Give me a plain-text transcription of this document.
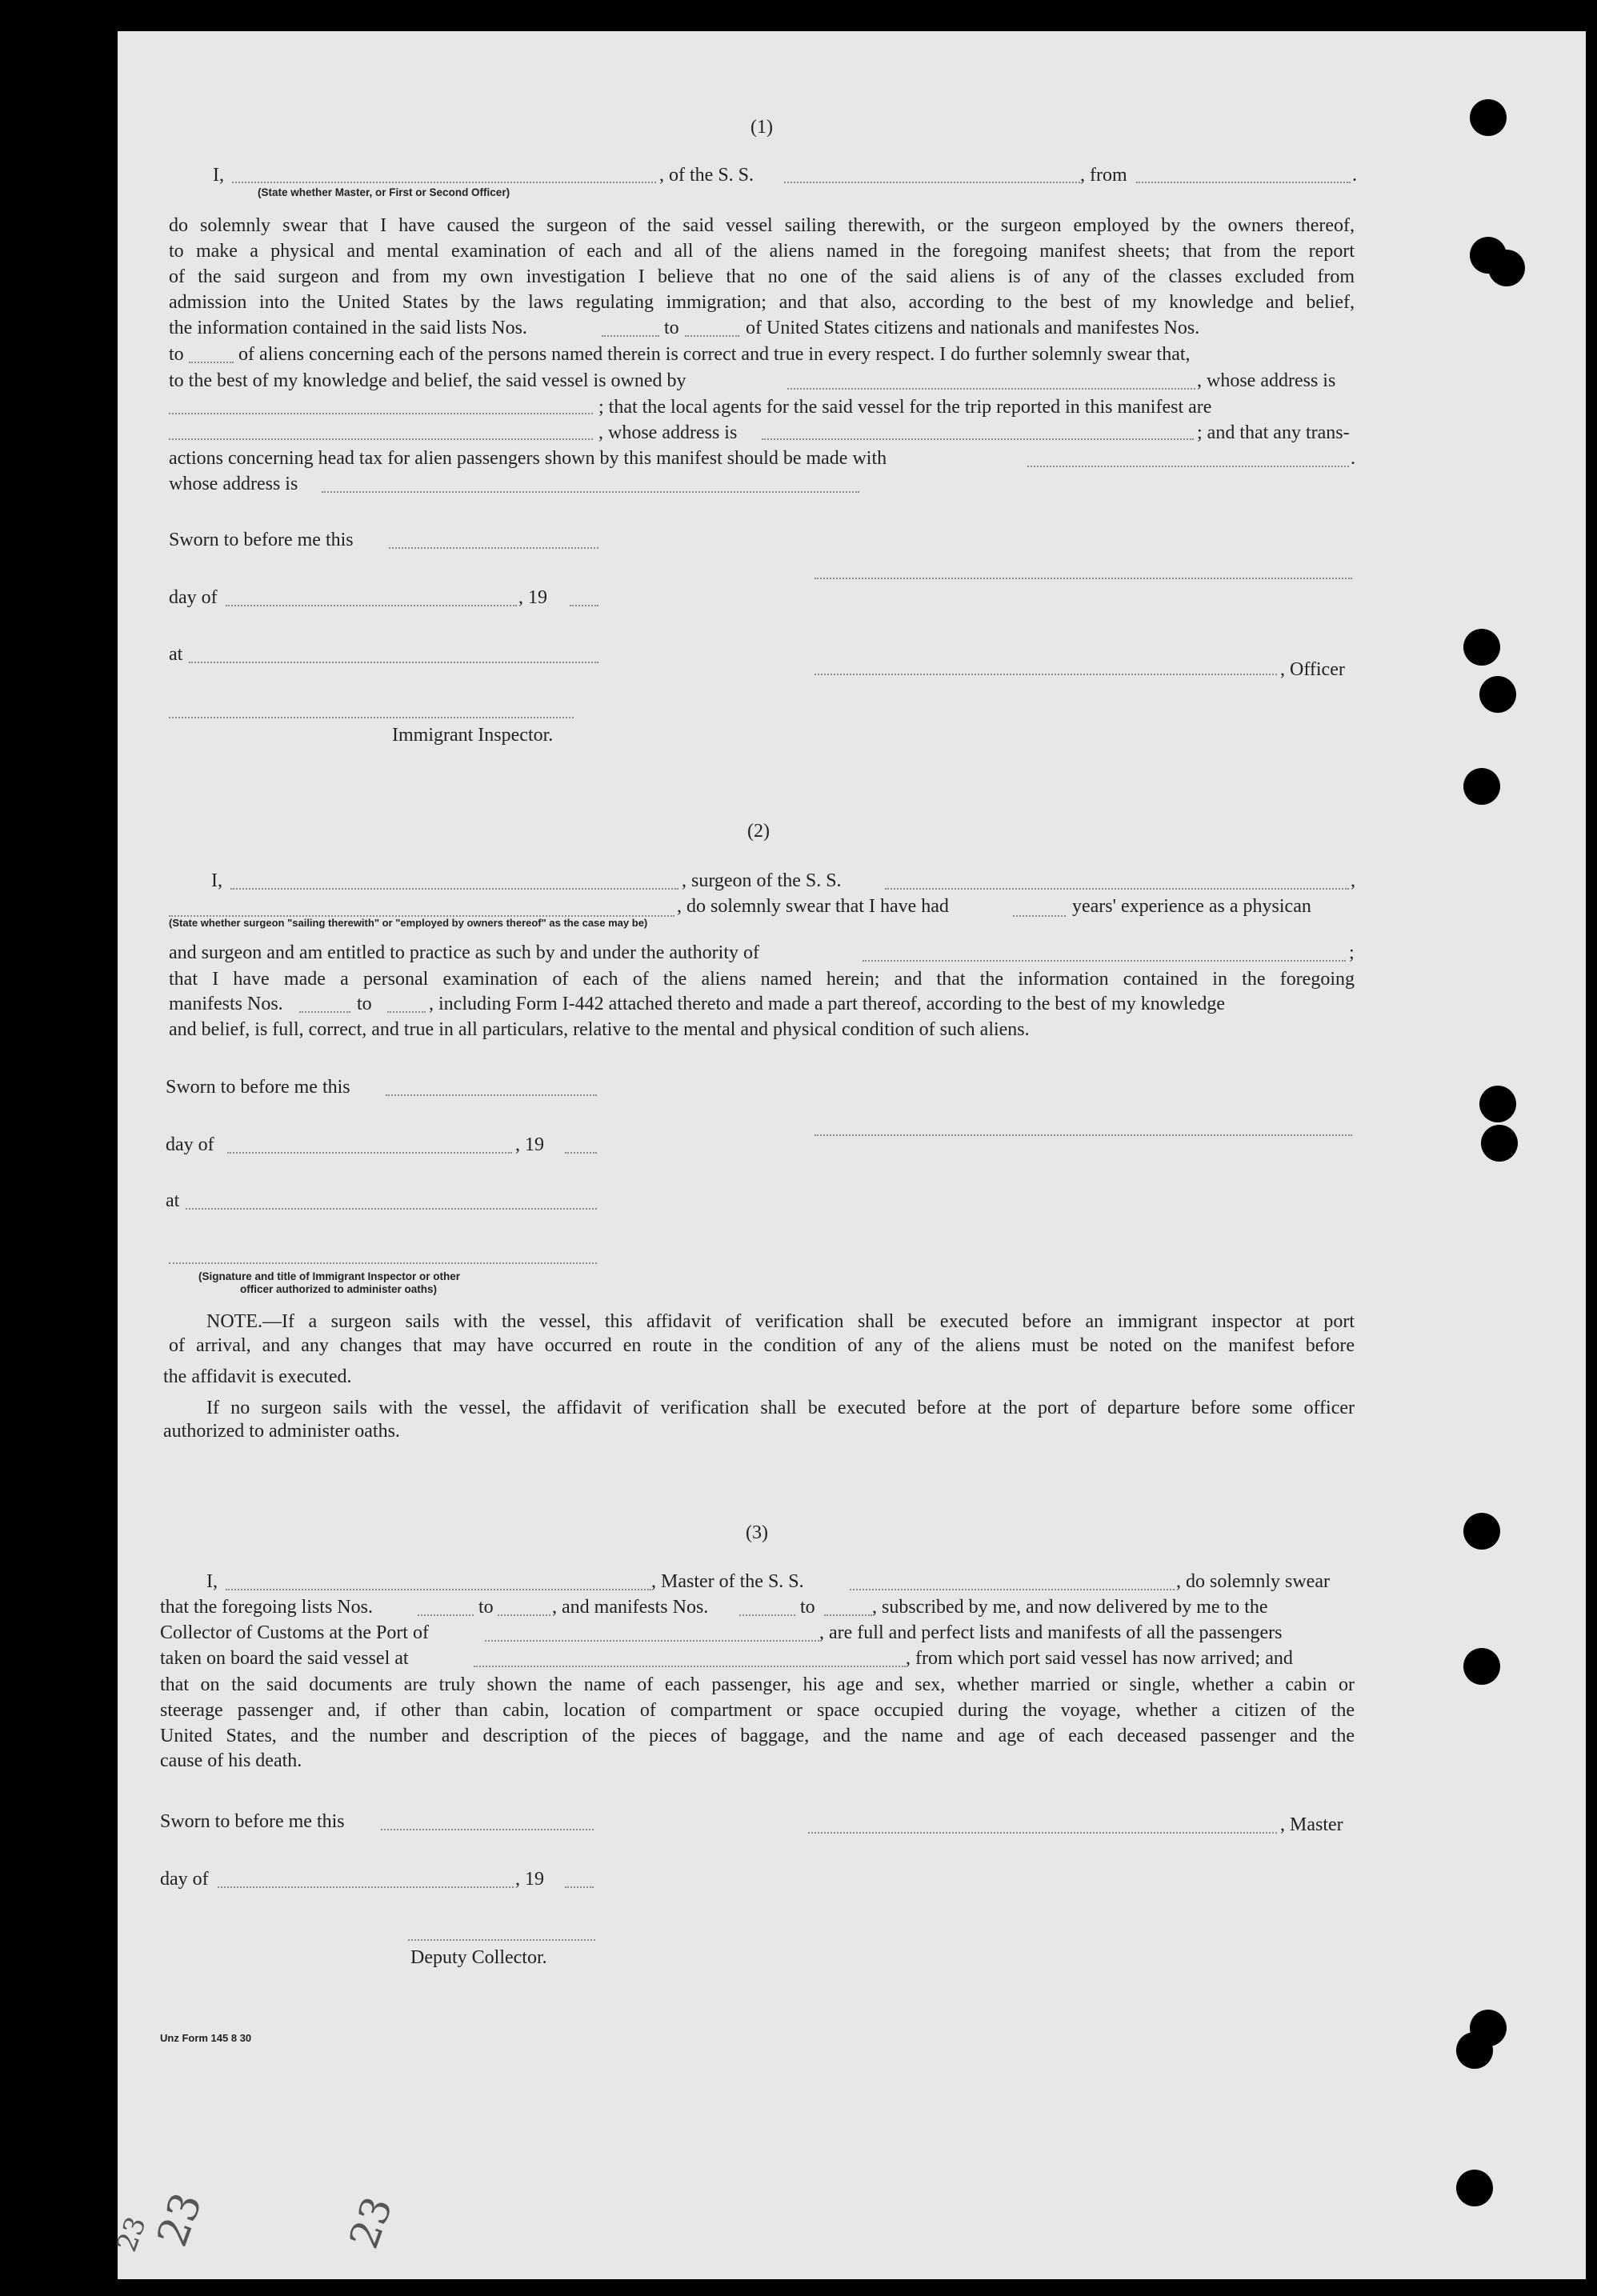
(1)
I,	, of the S. S.	, from	.
(State whether Master, or First or Second Officer)
do solemnly swear that I have caused the surgeon of the said vessel sailing therewith, or the surgeon employed by the owners thereof,
to make a physical and mental examination of each and all of the aliens named in the foregoing manifest sheets; that from the report
of the said surgeon and from my own investigation I believe that no one of the said aliens is of any of the classes excluded from
admission into the United States by the laws regulating immigration; and that also, according to the best of my knowledge and belief,
the information contained in the said lists Nos.	to	of United States citizens and nationals and manifestes Nos.
to	of aliens concerning each of the persons named therein is correct and true in every respect. I do further solemnly swear that,
to the best of my knowledge and belief, the said vessel is owned by	, whose address is
; that the local agents for the said vessel for the trip reported in this manifest are
, whose address is	; and that any trans-
actions concerning head tax for alien passengers shown by this manifest should be made with	.
whose address is
Sworn to before me this
day of	, 19
at
, Officer
Immigrant Inspector.
(2)
I,	, surgeon of the S. S.	,
, do solemnly swear that I have had	years' experience as a physican
(State whether surgeon "sailing therewith" or "employed by owners thereof" as the case may be)
and surgeon and am entitled to practice as such by and under the authority of	;
that I have made a personal examination of each of the aliens named herein; and that the information contained in the foregoing
manifests Nos.	to	, including Form I-442 attached thereto and made a part thereof, according to the best of my knowledge
and belief, is full, correct, and true in all particulars, relative to the mental and physical condition of such aliens.
Sworn to before me this
day of	, 19
at
(Signature and title of Immigrant Inspector or other
officer authorized to administer oaths)
NOTE.—If a surgeon sails with the vessel, this affidavit of verification shall be executed before an immigrant inspector at port
of arrival, and any changes that may have occurred en route in the condition of any of the aliens must be noted on the manifest before
the affidavit is executed.
If no surgeon sails with the vessel, the affidavit of verification shall be executed before at the port of departure before some officer
authorized to administer oaths.
(3)
I,	, Master of the S. S.	, do solemnly swear
that the foregoing lists Nos.	to	, and manifests Nos.	to	, subscribed by me, and now delivered by me to the
Collector of Customs at the Port of	, are full and perfect lists and manifests of all the passengers
taken on board the said vessel at	, from which port said vessel has now arrived; and
that on the said documents are truly shown the name of each passenger, his age and sex, whether married or single, whether a cabin or
steerage passenger and, if other than cabin, location of compartment or space occupied during the voyage, whether a citizen of the
United States, and the number and description of the pieces of baggage, and the name and age of each deceased passenger and the
cause of his death.
Sworn to before me this	, Master
day of	, 19
Deputy Collector.
Unz Form 145 8 30
23
23	23
